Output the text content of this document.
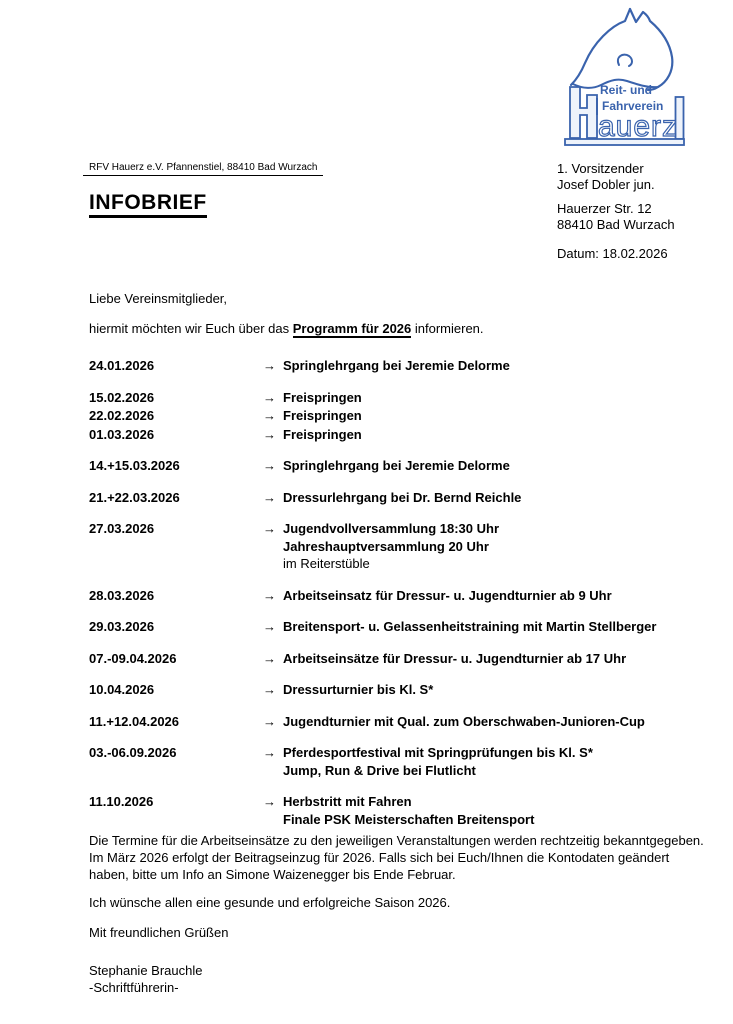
Reit- und
Fahrverein
auerz
RFV Hauerz e.V. Pfannenstiel, 88410 Bad Wurzach
INFOBRIEF
1. Vorsitzender
Josef Dobler jun.
Hauerzer Str. 12
88410 Bad Wurzach
Datum: 18.02.2026
Liebe Vereinsmitglieder,
hiermit möchten wir Euch über das Programm für 2026 informieren.
24.01.2026	→ Springlehrgang bei Jeremie Delorme
15.02.2026	→ Freispringen
22.02.2026	→ Freispringen
01.03.2026	→ Freispringen
14.+15.03.2026	→ Springlehrgang bei Jeremie Delorme
21.+22.03.2026	→ Dressurlehrgang bei Dr. Bernd Reichle
27.03.2026	→ Jugendvollversammlung 18:30 Uhr
Jahreshauptversammlung 20 Uhr
im Reiterstüble
28.03.2026	→ Arbeitseinsatz für Dressur- u. Jugendturnier ab 9 Uhr
29.03.2026	→ Breitensport- u. Gelassenheitstraining mit Martin Stellberger
07.-09.04.2026	→ Arbeitseinsätze für Dressur- u. Jugendturnier ab 17 Uhr
10.04.2026	→ Dressurturnier bis Kl. S*
11.+12.04.2026	→ Jugendturnier mit Qual. zum Oberschwaben-Junioren-Cup
03.-06.09.2026	→ Pferdesportfestival mit Springprüfungen bis Kl. S*
Jump, Run & Drive bei Flutlicht
11.10.2026	→ Herbstritt mit Fahren
Finale PSK Meisterschaften Breitensport
Die Termine für die Arbeitseinsätze zu den jeweiligen Veranstaltungen werden rechtzeitig bekanntgegeben.
Im März 2026 erfolgt der Beitragseinzug für 2026. Falls sich bei Euch/Ihnen die Kontodaten geändert haben, bitte um Info an Simone Waizenegger bis Ende Februar.
Ich wünsche allen eine gesunde und erfolgreiche Saison 2026.
Mit freundlichen Grüßen
Stephanie Brauchle
-Schriftführerin-
